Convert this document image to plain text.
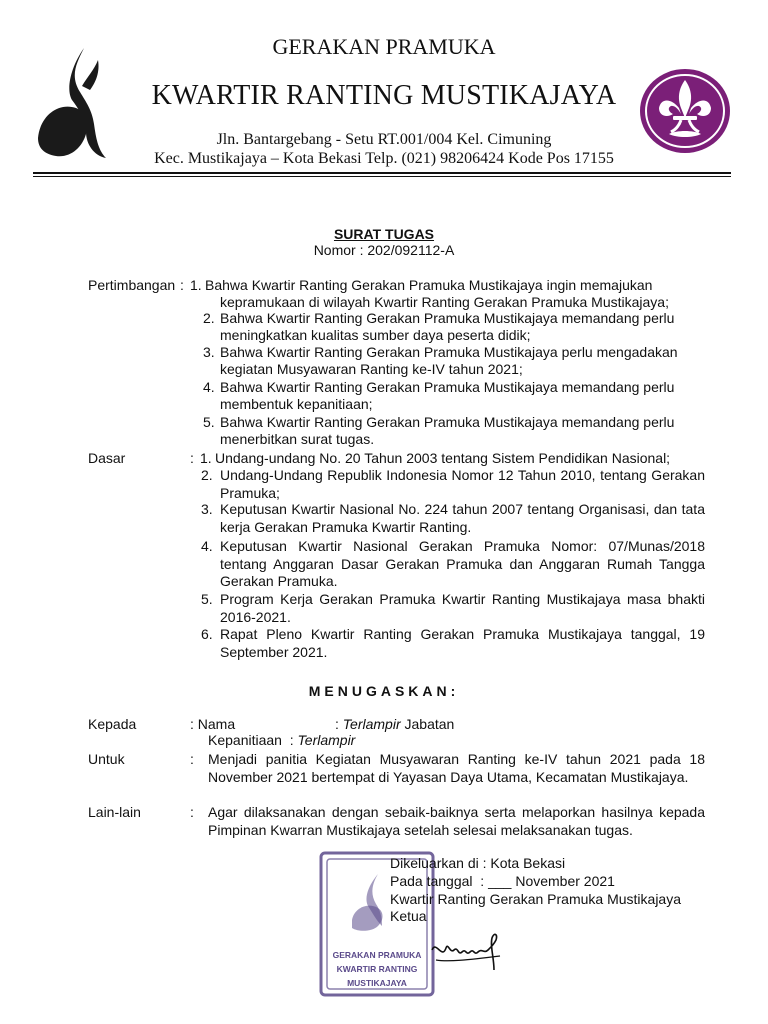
GERAKAN PRAMUKA
KWARTIR RANTING MUSTIKAJAYA
Jln. Bantargebang - Setu RT.001/004 Kel. Cimuning
Kec. Mustikajaya – Kota Bekasi Telp. (021) 98206424 Kode Pos 17155
SURAT TUGAS
Nomor : 202/092112-A
Pertimbangan : 1. Bahwa Kwartir Ranting Gerakan Pramuka Mustikajaya ingin memajukan
kepramukaan di wilayah Kwartir Ranting Gerakan Pramuka Mustikajaya;
2. Bahwa Kwartir Ranting Gerakan Pramuka Mustikajaya memandang perlu
meningkatkan kualitas sumber daya peserta didik;
3. Bahwa Kwartir Ranting Gerakan Pramuka Mustikajaya perlu mengadakan
kegiatan Musyawaran Ranting ke-IV tahun 2021;
4. Bahwa Kwartir Ranting Gerakan Pramuka Mustikajaya memandang perlu
membentuk kepanitiaan;
5. Bahwa Kwartir Ranting Gerakan Pramuka Mustikajaya memandang perlu
menerbitkan surat tugas.
Dasar	: 1. Undang-undang No. 20 Tahun 2003 tentang Sistem Pendidikan Nasional;
2. Undang-Undang Republik Indonesia Nomor 12 Tahun 2010, tentang Gerakan Pramuka;
3. Keputusan Kwartir Nasional No. 224 tahun 2007 tentang Organisasi, dan tata kerja Gerakan Pramuka Kwartir Ranting.
4. Keputusan Kwartir Nasional Gerakan Pramuka Nomor: 07/Munas/2018 tentang Anggaran Dasar Gerakan Pramuka dan Anggaran Rumah Tangga Gerakan Pramuka.
5. Program Kerja Gerakan Pramuka Kwartir Ranting Mustikajaya masa bhakti 2016-2021.
6. Rapat Pleno Kwartir Ranting Gerakan Pramuka Mustikajaya tanggal, 19 September 2021.
MENUGASKAN:
Kepada	: Nama	: Terlampir Jabatan
Kepanitiaan  : Terlampir
Untuk	: Menjadi panitia Kegiatan Musyawaran Ranting ke-IV tahun 2021 pada 18 November 2021 bertempat di Yayasan Daya Utama, Kecamatan Mustikajaya.
Lain-lain	: Agar dilaksanakan dengan sebaik-baiknya serta melaporkan hasilnya kepada Pimpinan Kwarran Mustikajaya setelah selesai melaksanakan tugas.
GERAKAN PRAMUKA
KWARTIR RANTING
MUSTIKAJAYA
Dikeluarkan di : Kota Bekasi
Pada tanggal  : ___ November 2021
Kwartir Ranting Gerakan Pramuka Mustikajaya
Ketua
